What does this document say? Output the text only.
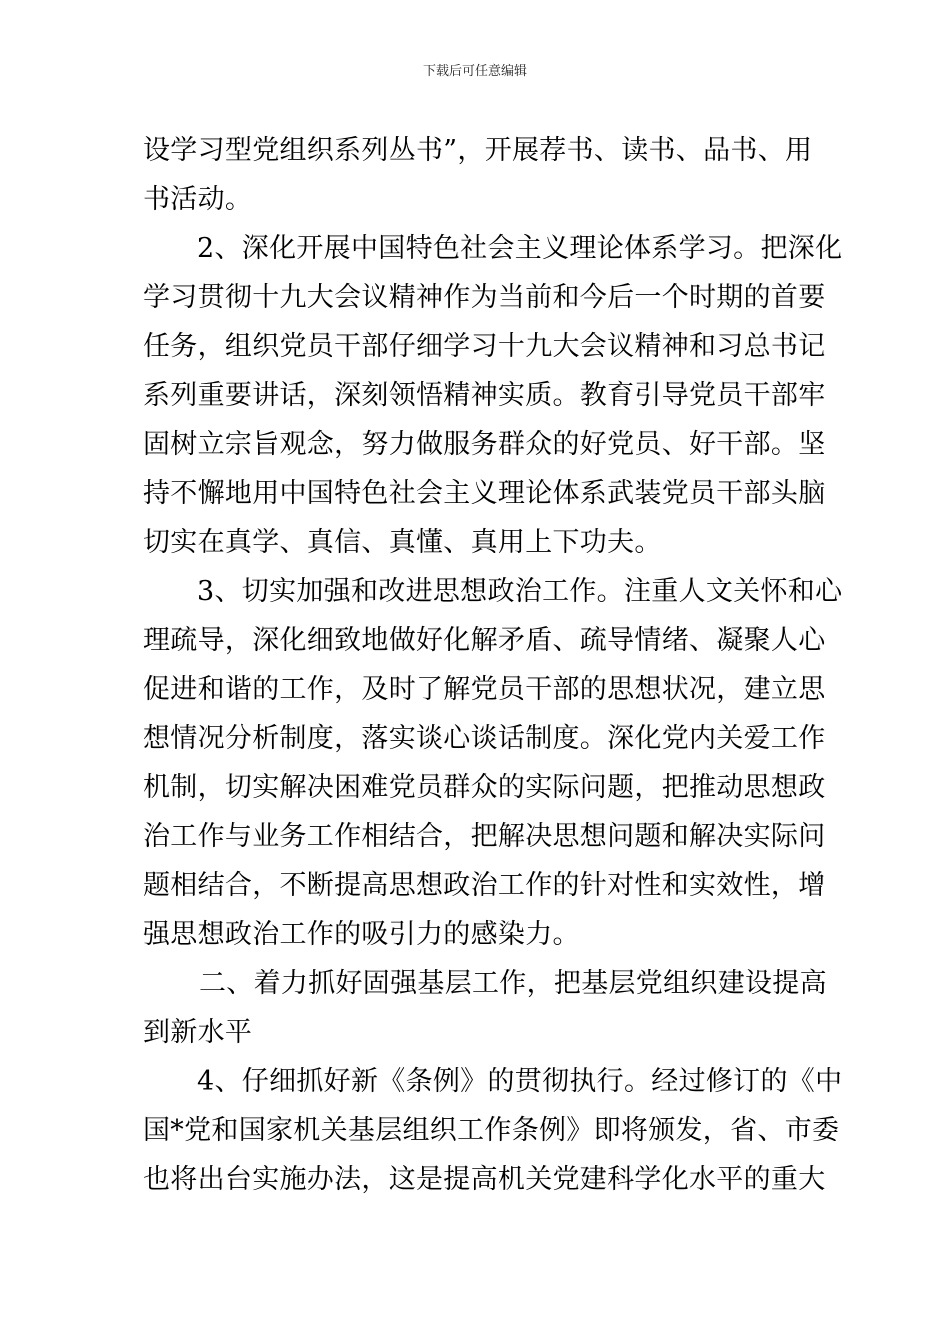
下载后可任意编辑
设学习型党组织系列丛书”，开展荐书、读书、品书、用
书活动。
2、深化开展中国特色社会主义理论体系学习。把深化
学习贯彻十九大会议精神作为当前和今后一个时期的首要
任务，组织党员干部仔细学习十九大会议精神和习总书记
系列重要讲话，深刻领悟精神实质。教育引导党员干部牢
固树立宗旨观念，努力做服务群众的好党员、好干部。坚
持不懈地用中国特色社会主义理论体系武装党员干部头脑
切实在真学、真信、真懂、真用上下功夫。
3、切实加强和改进思想政治工作。注重人文关怀和心
理疏导，深化细致地做好化解矛盾、疏导情绪、凝聚人心
促进和谐的工作，及时了解党员干部的思想状况，建立思
想情况分析制度，落实谈心谈话制度。深化党内关爱工作
机制，切实解决困难党员群众的实际问题，把推动思想政
治工作与业务工作相结合，把解决思想问题和解决实际问
题相结合，不断提高思想政治工作的针对性和实效性，增
强思想政治工作的吸引力的感染力。
二、着力抓好固强基层工作，把基层党组织建设提高
到新水平
4、仔细抓好新《条例》的贯彻执行。经过修订的《中
国*党和国家机关基层组织工作条例》即将颁发，省、市委
也将出台实施办法，这是提高机关党建科学化水平的重大
